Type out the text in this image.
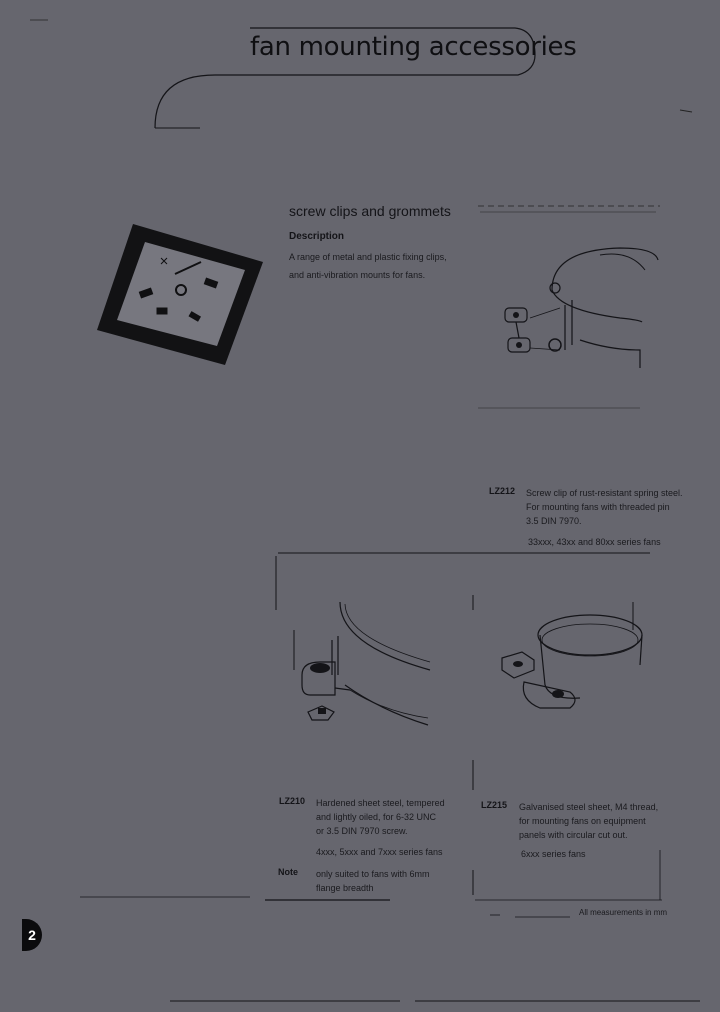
fan mounting accessories
screw clips and grommets
Description
A range of metal and plastic fixing clips,
and anti-vibration mounts for fans.
LZ212 Screw clip of rust-resistant spring steel.
For mounting fans with threaded pin
3.5 DIN 7970.
33xxx, 43xx and 80xx series fans
LZ210 Hardened sheet steel, tempered
and lightly oiled, for 6-32 UNC
or 3.5 DIN 7970 screw.
4xxx, 5xxx and 7xxx series fans
Note only suited to fans with 6mm
flange breadth
LZ215 Galvanised steel sheet, M4 thread,
for mounting fans on equipment
panels with circular cut out.
6xxx series fans
All measurements in mm
2
